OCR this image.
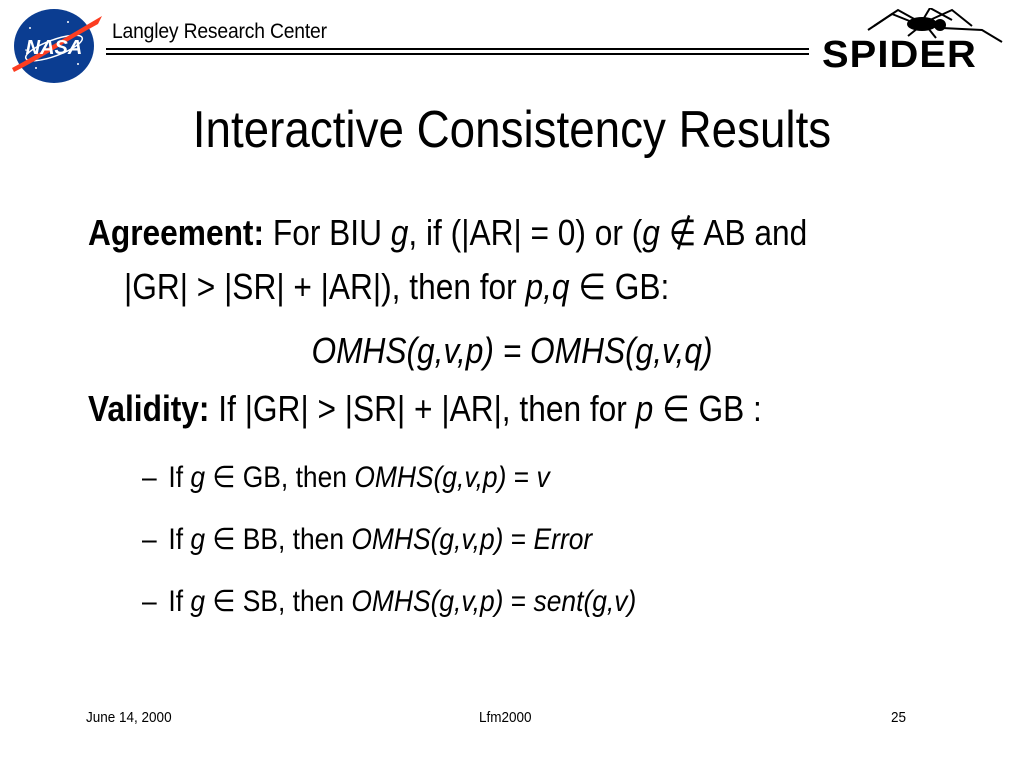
NASA
Langley Research Center
SPIDER
Interactive Consistency Results
Agreement: For BIU g, if (|AR| = 0) or (g ∉ AB and
|GR| > |SR| + |AR|), then for p,q ∈ GB:
OMHS(g,v,p) = OMHS(g,v,q)
Validity: If |GR| > |SR| + |AR|, then for p ∈ GB :
– If g ∈ GB, then OMHS(g,v,p) = v
– If g ∈ BB, then OMHS(g,v,p) = Error
– If g ∈ SB, then OMHS(g,v,p) = sent(g,v)
June 14, 2000	Lfm2000	25
